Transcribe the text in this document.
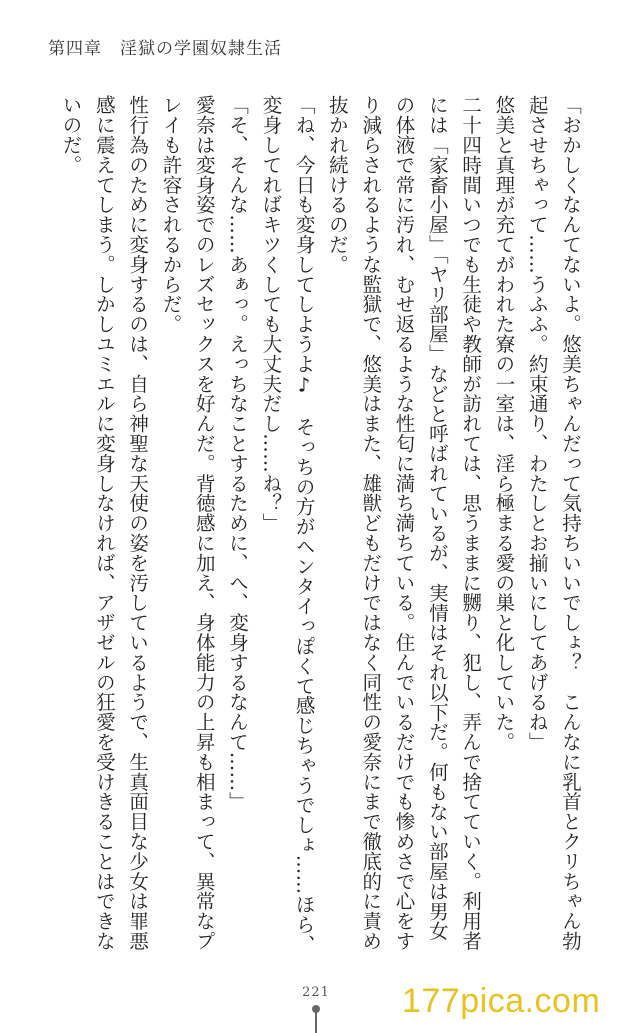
第四章 淫獄の学園奴隷生活

「おかしくなんてないよ。悠美ちゃんだって気持ちいいでしょ？　こんなに乳首とクリちゃん勃起させちゃって……うふふ。約束通り、わたしとお揃いにしてあげるね」

悠美と真理が充てがわれた寮の一室は、淫ら極まる愛の巣と化していた。

二十四時間いつでも生徒や教師が訪れては、思うままに嬲り、犯し、弄んで捨てていく。利用者には「家畜小屋」「ヤリ部屋」などと呼ばれているが、実情はそれ以下だ。何もない部屋は男女の体液で常に汚れ、むせ返るような性匂に満ち満ちている。住んでいるだけでも惨めさで心をすり減らされるような監獄で、悠美はまた、雄獣どもだけではなく同性の愛奈にまで徹底的に責め抜かれ続けるのだ。

「ね、今日も変身してしようよ♪　そっちの方がヘンタイっぽくて感じちゃうでしょ……ほら、変身してればキツくしても大丈夫だし……ね？」

「そ、そんな……あぁっ。えっちなことするために、へ、変身するなんて……」

愛奈は変身姿でのレズセックスを好んだ。背徳感に加え、身体能力の上昇も相まって、異常なプレイも許容されるからだ。

性行為のために変身するのは、自ら神聖な天使の姿を汚しているようで、生真面目な少女は罪悪感に震えてしまう。しかしユミエルに変身しなければ、アザゼルの狂愛を受けきることはできないのだ。

221 177pica.com
